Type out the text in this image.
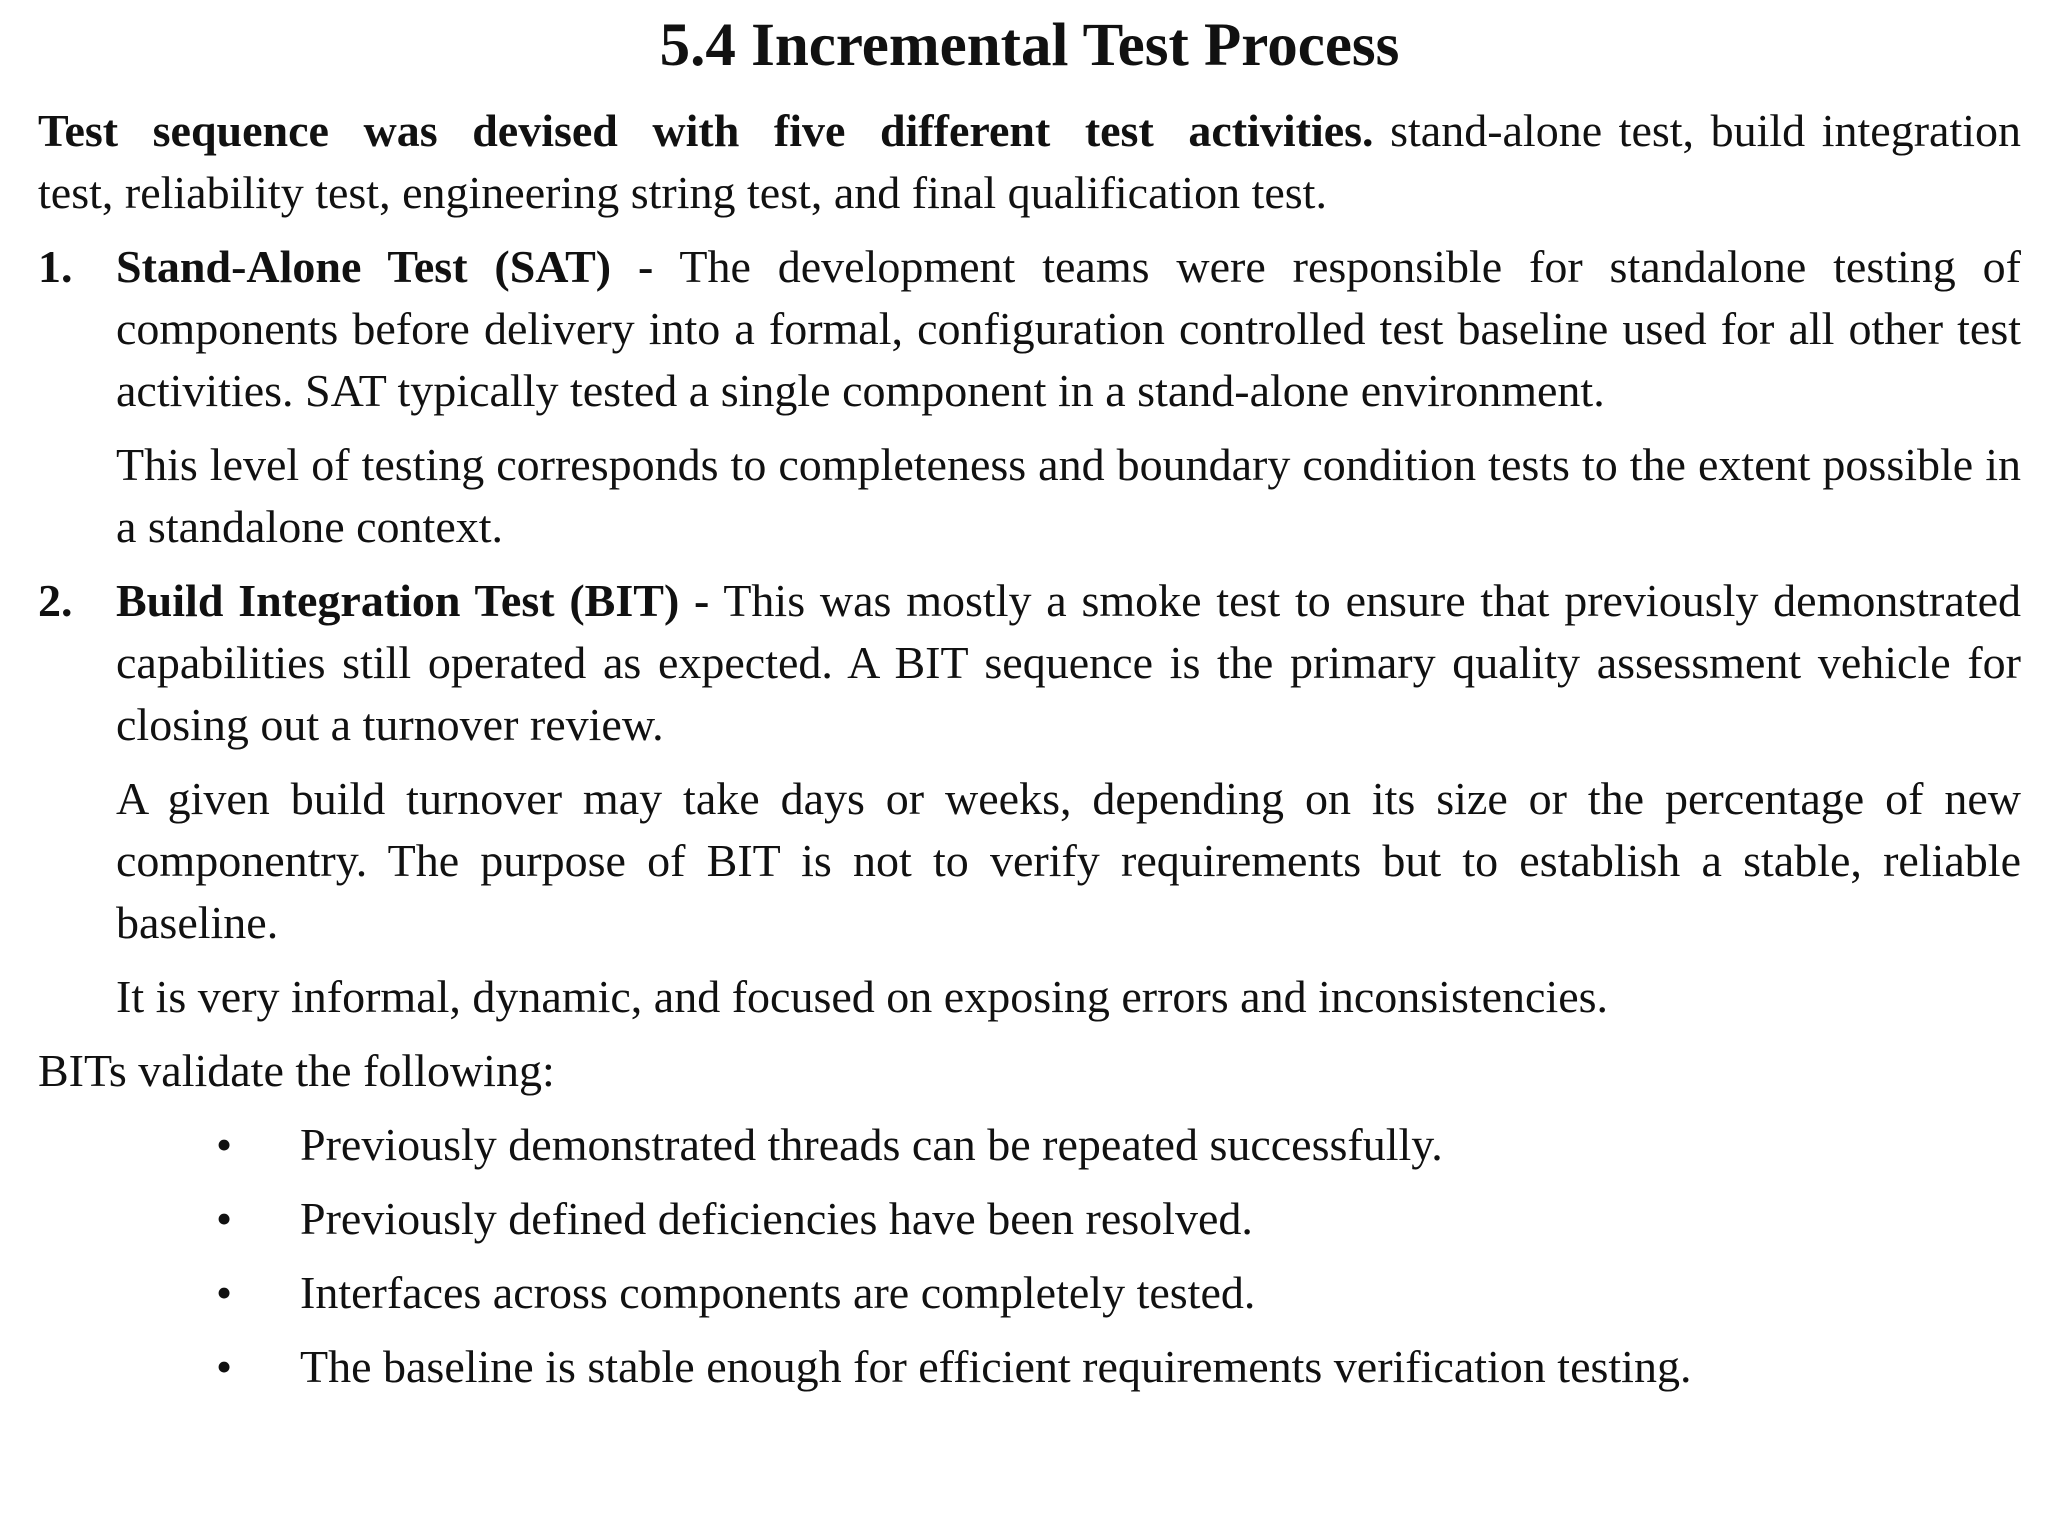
5.4 Incremental Test Process

Test sequence was devised with five different test activities. stand-alone test, build integration test, reliability test, engineering string test, and final qualification test.

1. Stand-Alone Test (SAT) - The development teams were responsible for standalone testing of components before delivery into a formal, configuration controlled test baseline used for all other test activities. SAT typically tested a single component in a stand-alone environment.

This level of testing corresponds to completeness and boundary condition tests to the extent possible in a standalone context.

2. Build Integration Test (BIT) - This was mostly a smoke test to ensure that previously demonstrated capabilities still operated as expected. A BIT sequence is the primary quality assessment vehicle for closing out a turnover review.

A given build turnover may take days or weeks, depending on its size or the percentage of new componentry. The purpose of BIT is not to verify requirements but to establish a stable, reliable baseline.

It is very informal, dynamic, and focused on exposing errors and inconsistencies.

BITs validate the following:

•	Previously demonstrated threads can be repeated successfully.
•	Previously defined deficiencies have been resolved.
•	Interfaces across components are completely tested.
•	The baseline is stable enough for efficient requirements verification testing.
